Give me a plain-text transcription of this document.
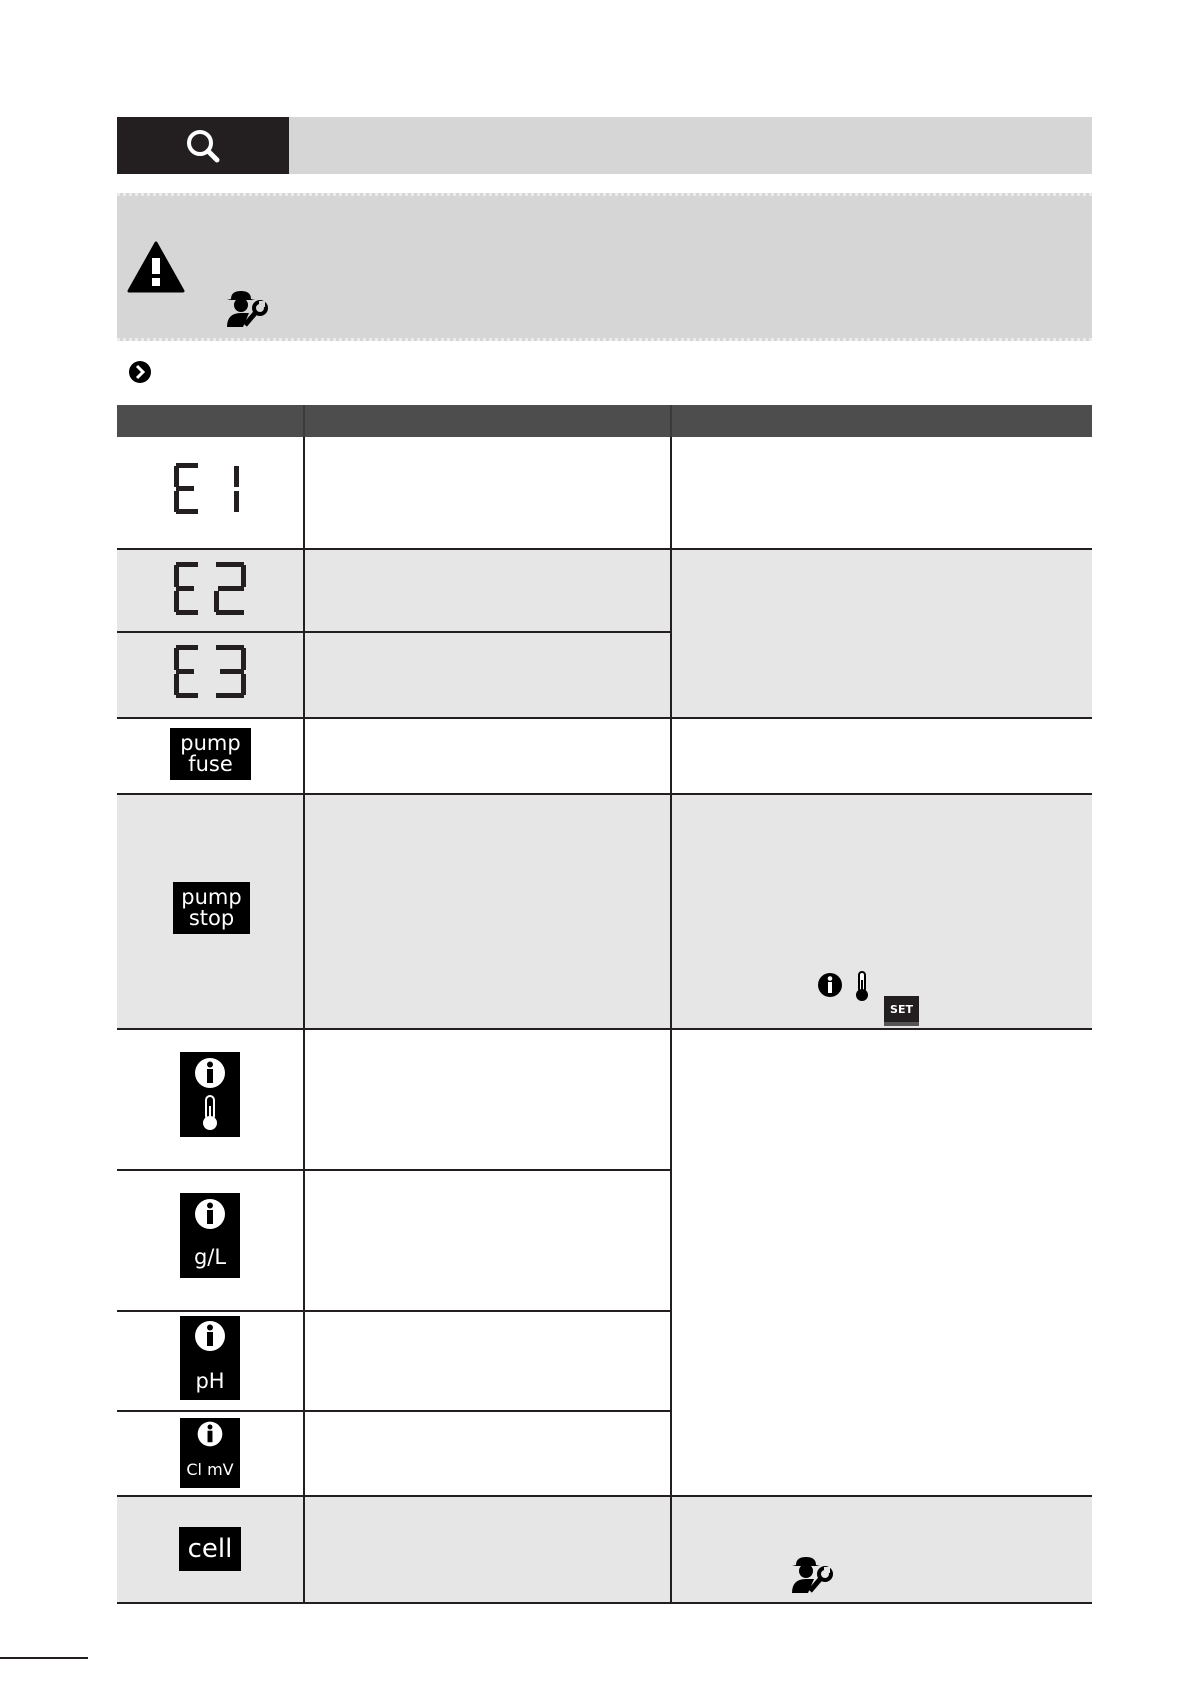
pump
fuse
pump
stop
SET
g/L
pH
Cl mV
cell
